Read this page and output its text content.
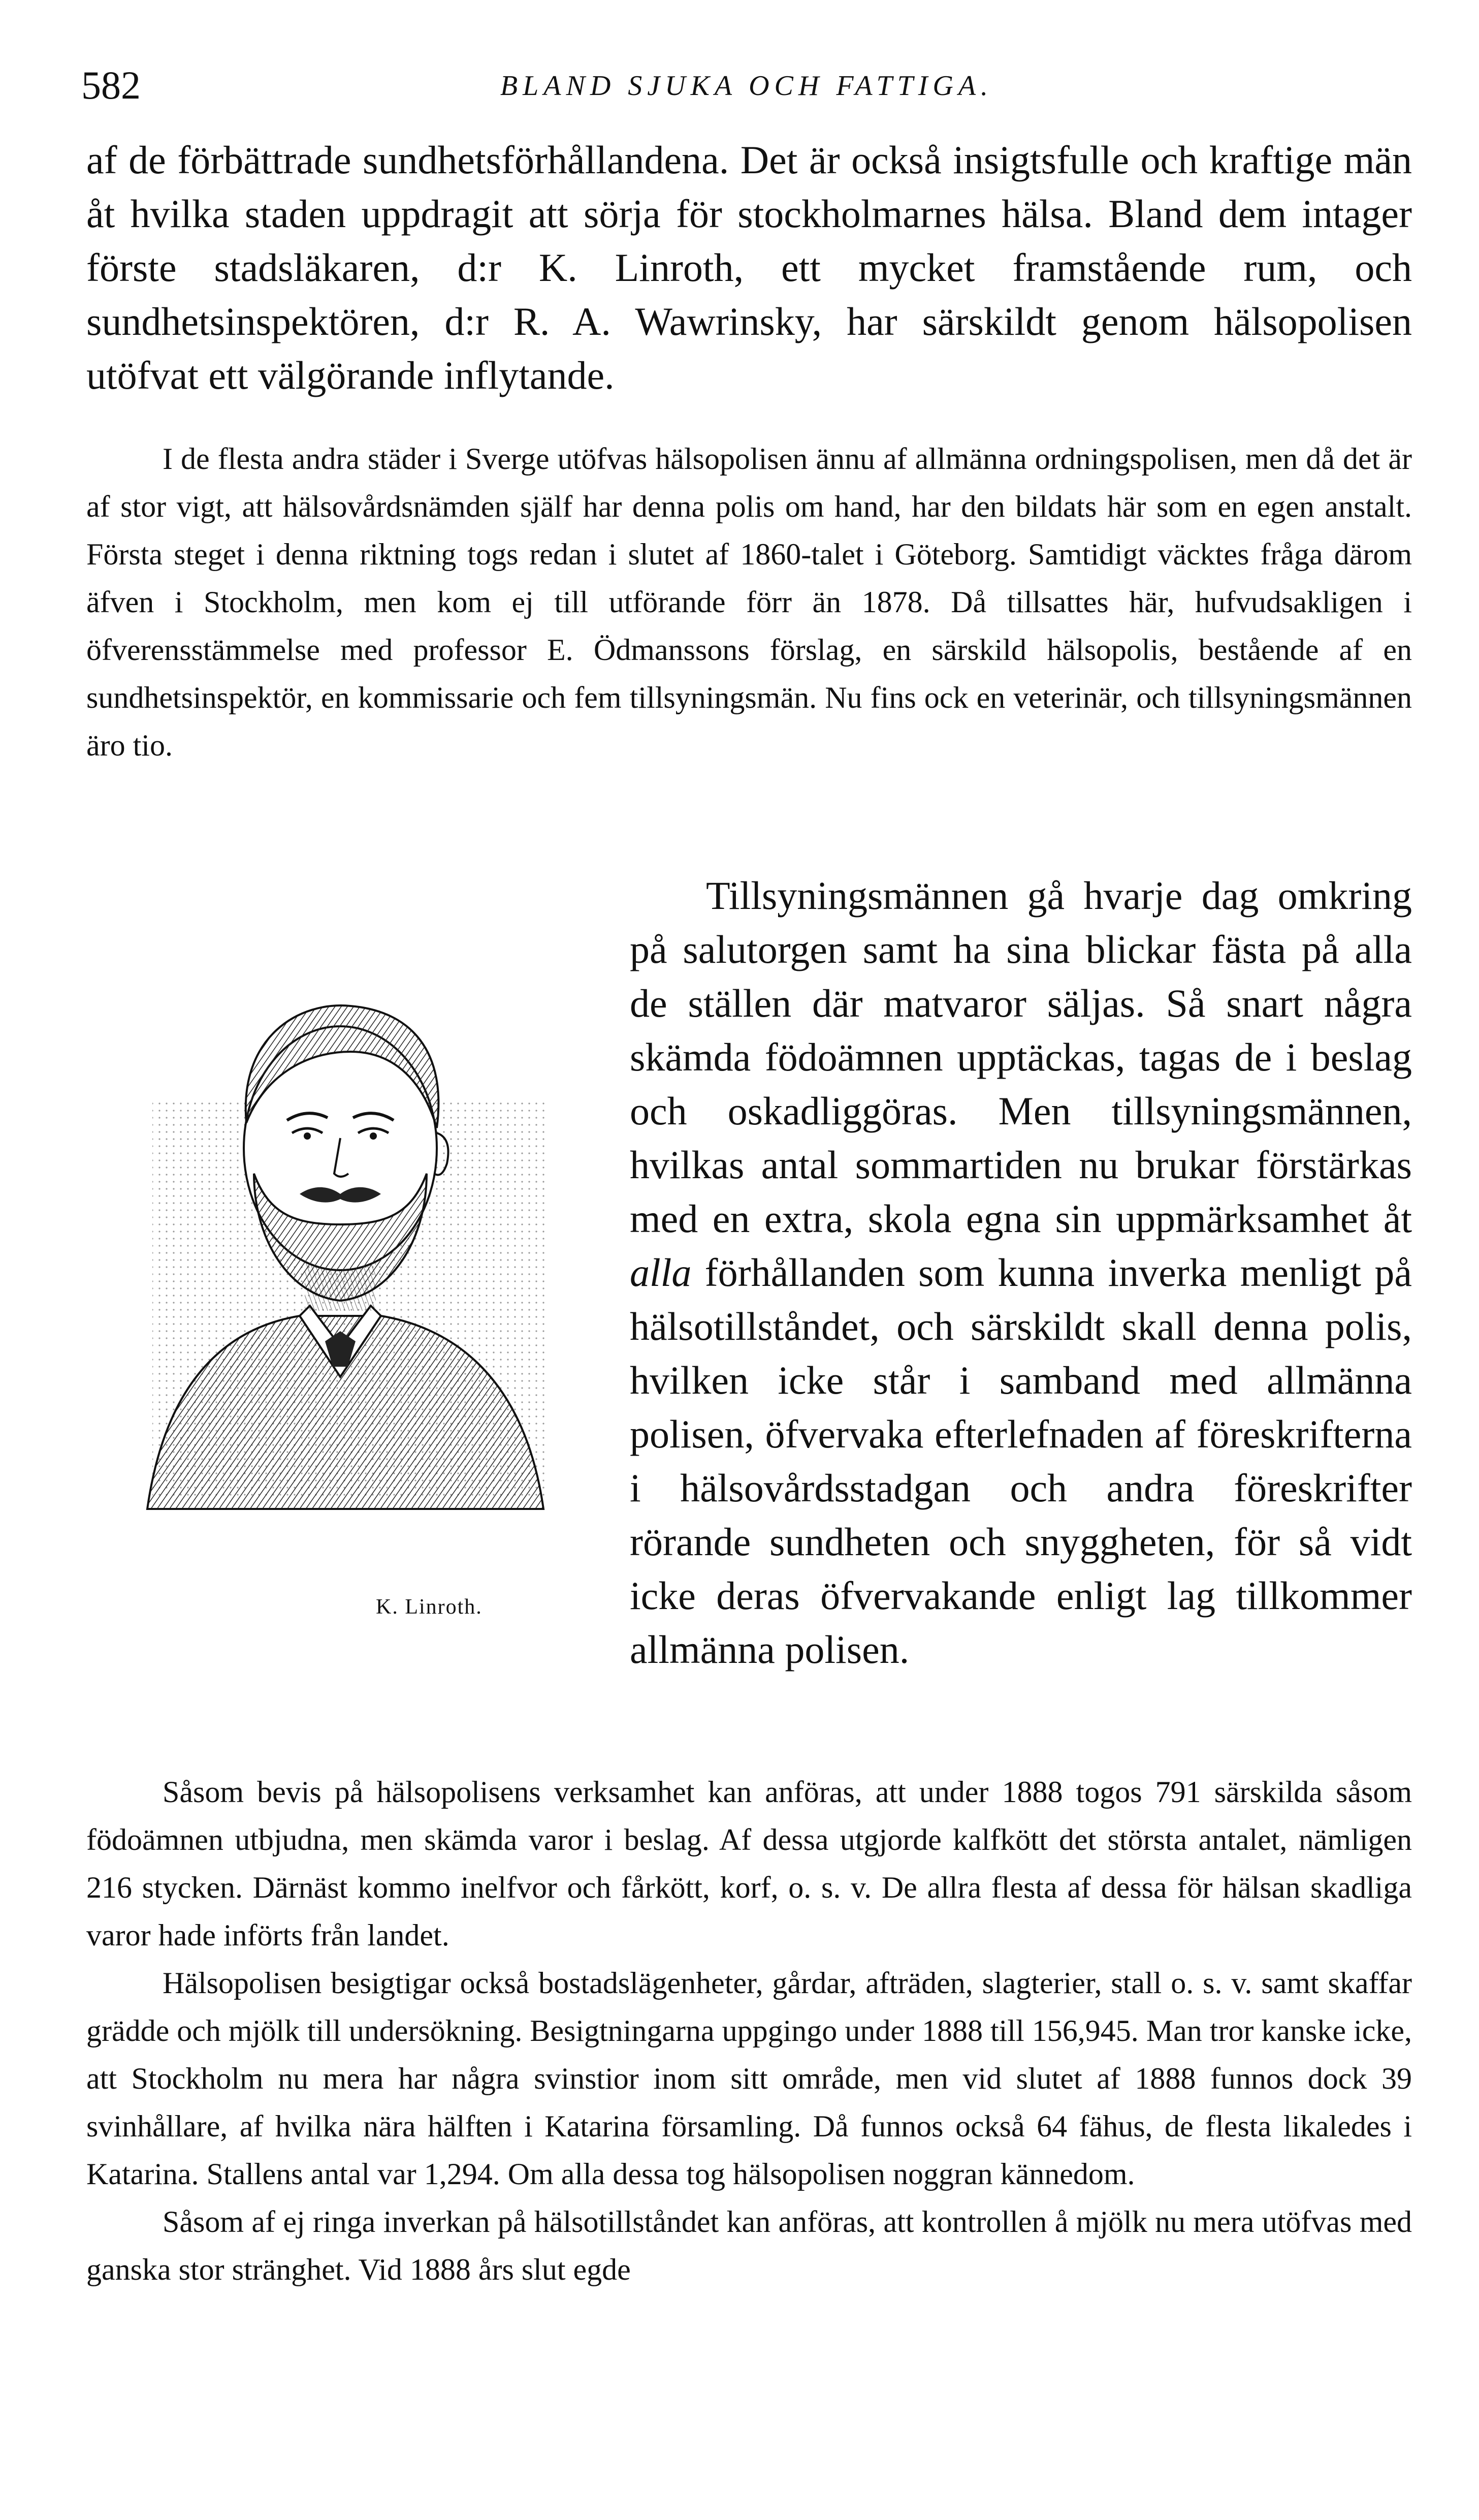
582	BLAND SJUKA OCH FATTIGA.
af de förbättrade sundhetsförhållandena. Det är också insigtsfulle och kraftige män åt hvilka staden uppdragit att sörja för stockholmarnes hälsa. Bland dem intager förste stadsläkaren, d:r K. Linroth, ett mycket framstående rum, och sundhetsinspektören, d:r R. A. Wawrinsky, har särskildt genom hälsopolisen utöfvat ett välgörande inflytande.
I de flesta andra städer i Sverge utöfvas hälsopolisen ännu af allmänna ordningspolisen, men då det är af stor vigt, att hälsovårdsnämden själf har denna polis om hand, har den bildats här som en egen anstalt. Första steget i denna riktning togs redan i slutet af 1860-talet i Göteborg. Samtidigt väcktes fråga därom äfven i Stockholm, men kom ej till utförande förr än 1878. Då tillsattes här, hufvudsakligen i öfverensstämmelse med professor E. Ödmanssons förslag, en särskild hälsopolis, bestående af en sundhetsinspektör, en kommissarie och fem tillsyningsmän. Nu fins ock en veterinär, och tillsyningsmännen äro tio.
K. Linroth.
Tillsyningsmännen gå hvarje dag omkring på salutorgen samt ha sina blickar fästa på alla de ställen där matvaror säljas. Så snart några skämda födoämnen upptäckas, tagas de i beslag och oskadliggöras. Men tillsyningsmännen, hvilkas antal sommartiden nu brukar förstärkas med en extra, skola egna sin uppmärksamhet åt alla förhållanden som kunna inverka menligt på hälsotillståndet, och särskildt skall denna polis, hvilken icke står i samband med allmänna polisen, öfvervaka efterlefnaden af föreskrifterna i hälsovårdsstadgan och andra föreskrifter rörande sundheten och snyggheten, för så vidt icke deras öfvervakande enligt lag tillkommer allmänna polisen.

Såsom bevis på hälsopolisens verksamhet kan anföras, att under 1888 togos 791 särskilda såsom födoämnen utbjudna, men skämda varor i beslag. Af dessa utgjorde kalfkött det största antalet, nämligen 216 stycken. Därnäst kommo inelfvor och fårkött, korf, o. s. v. De allra flesta af dessa för hälsan skadliga varor hade införts från landet.

Hälsopolisen besigtigar också bostadslägenheter, gårdar, afträden, slagterier, stall o. s. v. samt skaffar grädde och mjölk till undersökning. Besigtningarna uppgingo under 1888 till 156,945. Man tror kanske icke, att Stockholm nu mera har några svinstior inom sitt område, men vid slutet af 1888 funnos dock 39 svinhållare, af hvilka nära hälften i Katarina församling. Då funnos också 64 fähus, de flesta likaledes i Katarina. Stallens antal var 1,294. Om alla dessa tog hälsopolisen noggran kännedom.

Såsom af ej ringa inverkan på hälsotillståndet kan anföras, att kontrollen å mjölk nu mera utöfvas med ganska stor stränghet. Vid 1888 års slut egde
